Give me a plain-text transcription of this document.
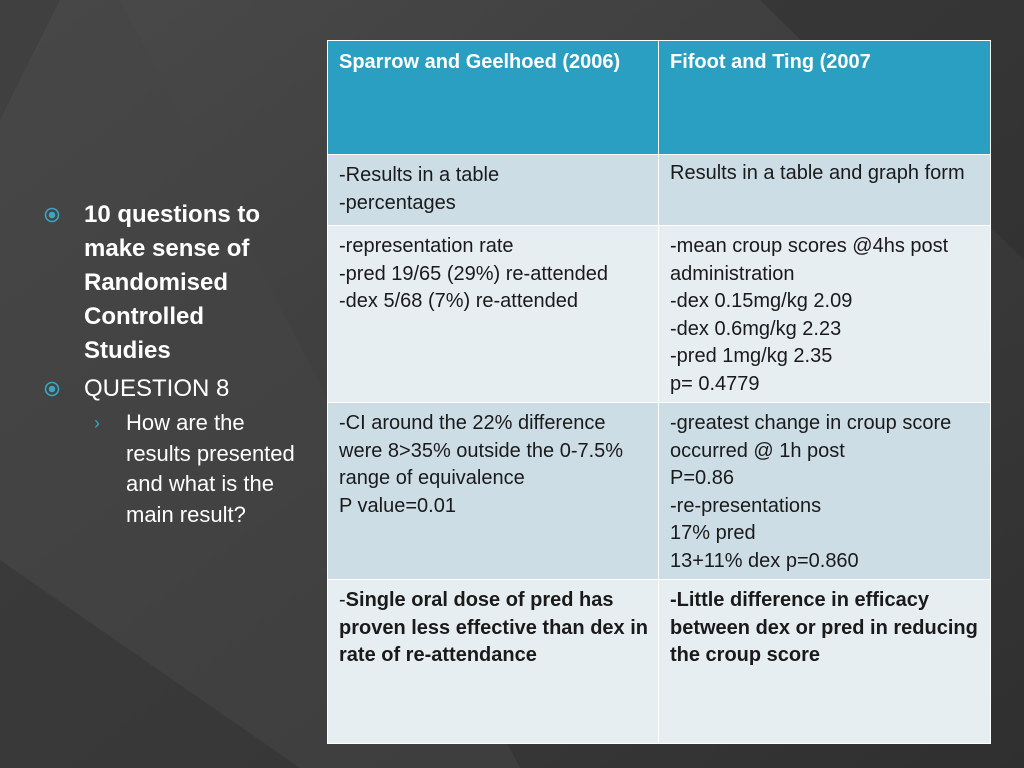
10 questions to make sense of Randomised Controlled Studies
QUESTION 8
›	How are the results presented and what is the main result?
Sparrow and Geelhoed (2006)	Fifoot and Ting (2007

-Results in a table
-percentages	Results in a table and graph form

-representation rate
-pred 19/65 (29%) re-attended
-dex 5/68 (7%) re-attended	-mean croup scores @4hs post administration
-dex 0.15mg/kg 2.09
-dex 0.6mg/kg 2.23
-pred 1mg/kg 2.35
p= 0.4779

-CI around the 22% difference were 8>35% outside the 0-7.5% range of equivalence
P value=0.01	-greatest change in croup score occurred @ 1h post
P=0.86
-re-presentations
17% pred
13+11% dex p=0.860

-Single oral dose of pred has proven less effective than dex in rate of re-attendance	-Little difference in efficacy between dex or pred in reducing the croup score
